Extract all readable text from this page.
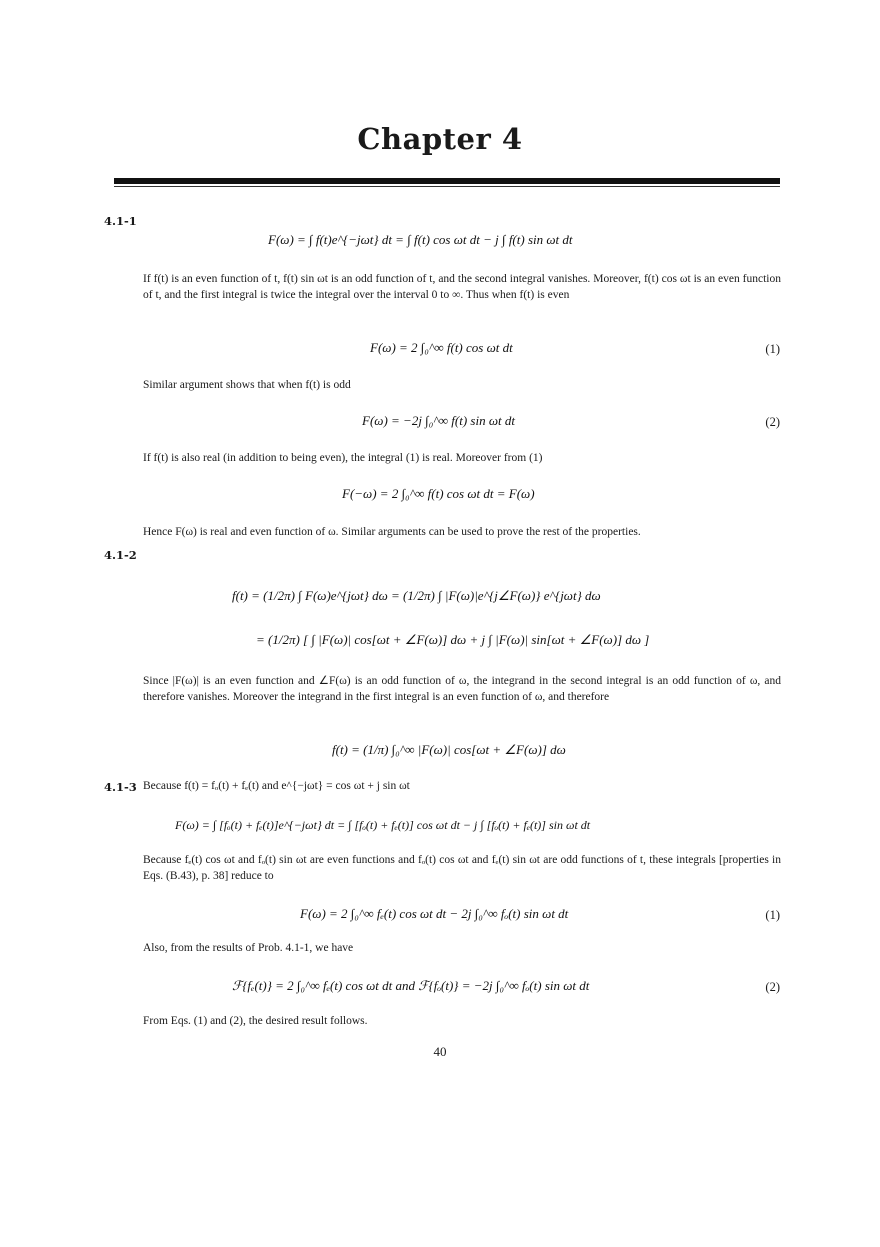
Chapter 4
4.1-1
F(ω) = ∫ f(t)e^{−jωt} dt = ∫ f(t) cos ωt dt − j ∫ f(t) sin ωt dt
If f(t) is an even function of t, f(t) sin ωt is an odd function of t, and the second integral vanishes. Moreover, f(t) cos ωt is an even function of t, and the first integral is twice the integral over the interval 0 to ∞. Thus when f(t) is even
F(ω) = 2 ∫₀^∞ f(t) cos ωt dt	(1)
Similar argument shows that when f(t) is odd
F(ω) = −2j ∫₀^∞ f(t) sin ωt dt	(2)
If f(t) is also real (in addition to being even), the integral (1) is real. Moreover from (1)
F(−ω) = 2 ∫₀^∞ f(t) cos ωt dt = F(ω)
Hence F(ω) is real and even function of ω. Similar arguments can be used to prove the rest of the properties.
4.1-2
f(t) = (1/2π) ∫ F(ω)e^{jωt} dω = (1/2π) ∫ |F(ω)|e^{j∠F(ω)} e^{jωt} dω
= (1/2π) [ ∫ |F(ω)| cos[ωt + ∠F(ω)] dω + j ∫ |F(ω)| sin[ωt + ∠F(ω)] dω ]
Since |F(ω)| is an even function and ∠F(ω) is an odd function of ω, the integrand in the second integral is an odd function of ω, and therefore vanishes. Moreover the integrand in the first integral is an even function of ω, and therefore
f(t) = (1/π) ∫₀^∞ |F(ω)| cos[ωt + ∠F(ω)] dω
4.1-3 Because f(t) = fₒ(t) + fₑ(t) and e^{−jωt} = cos ωt + j sin ωt
F(ω) = ∫ [fₒ(t) + fₑ(t)]e^{−jωt} dt = ∫ [fₒ(t) + fₑ(t)] cos ωt dt − j ∫ [fₒ(t) + fₑ(t)] sin ωt dt
Because fₑ(t) cos ωt and fₒ(t) sin ωt are even functions and fₒ(t) cos ωt and fₑ(t) sin ωt are odd functions of t, these integrals [properties in Eqs. (B.43), p. 38] reduce to
F(ω) = 2 ∫₀^∞ fₑ(t) cos ωt dt − 2j ∫₀^∞ fₒ(t) sin ωt dt	(1)
Also, from the results of Prob. 4.1-1, we have
ℱ{fₑ(t)} = 2 ∫₀^∞ fₑ(t) cos ωt dt and ℱ{fₒ(t)} = −2j ∫₀^∞ fₒ(t) sin ωt dt	(2)
From Eqs. (1) and (2), the desired result follows.
40
